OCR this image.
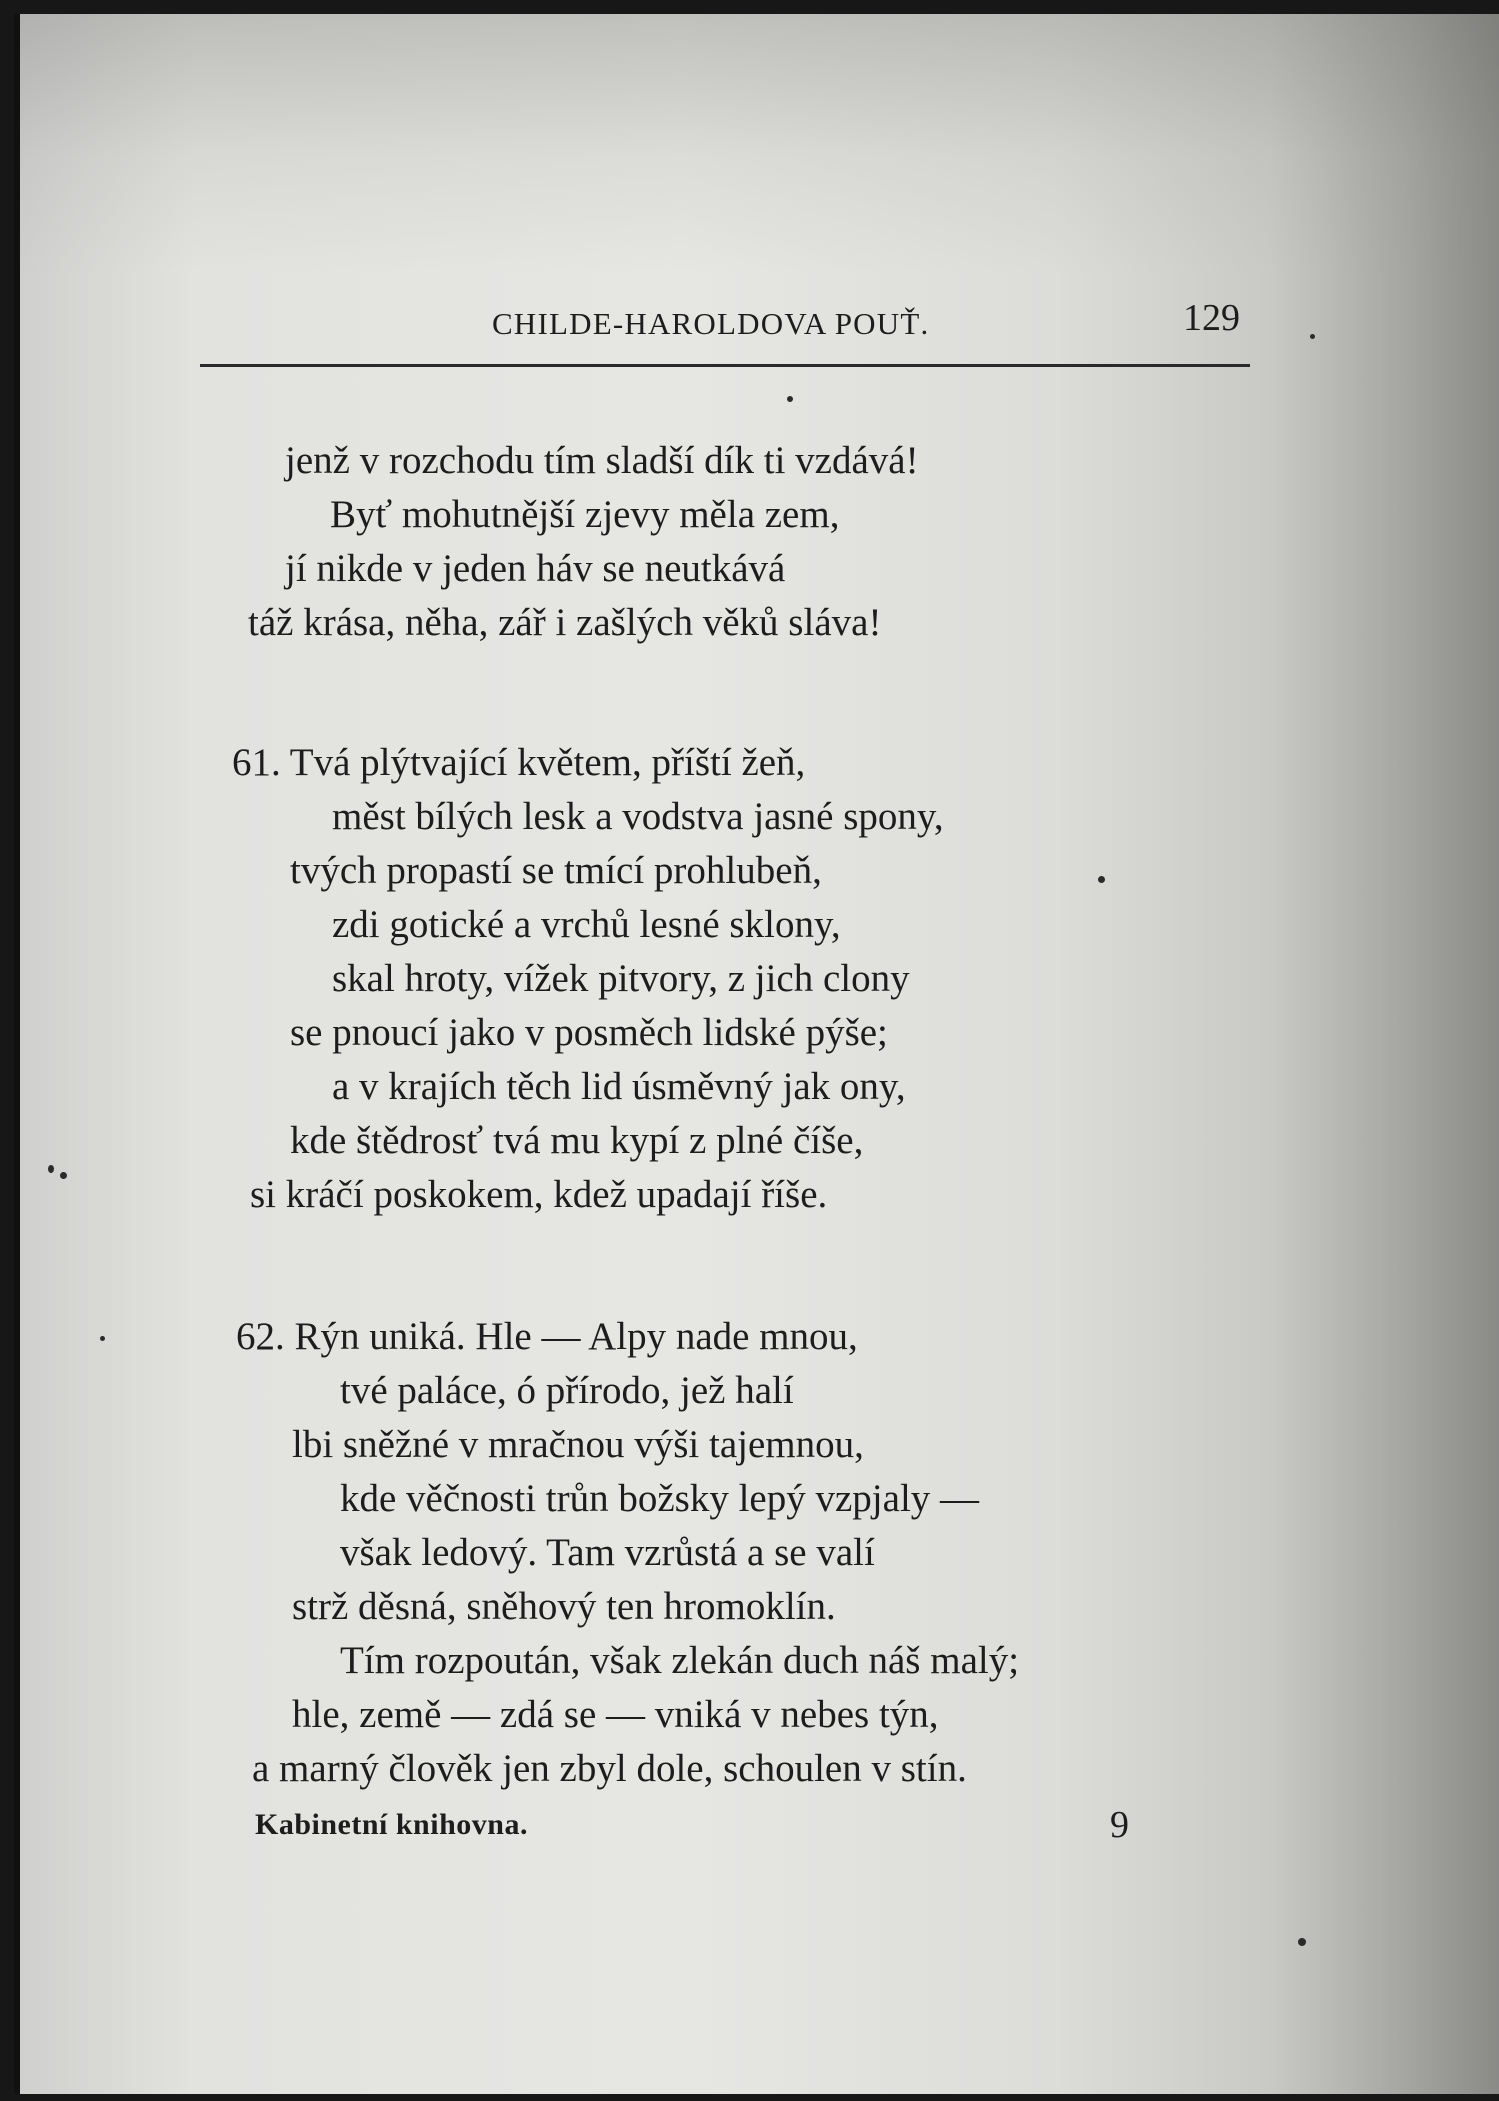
CHILDE-HAROLDOVA POUŤ.	129
jenž v rozchodu tím sladší dík ti vzdává!
Byť mohutnější zjevy měla zem,
jí nikde v jeden háv se neutkává
táž krása, něha, zář i zašlých věků sláva!
61. Tvá plýtvající květem, příští žeň,
měst bílých lesk a vodstva jasné spony,
tvých propastí se tmící prohlubeň,
zdi gotické a vrchů lesné sklony,
skal hroty, vížek pitvory, z jich clony
se pnoucí jako v posměch lidské pýše;
a v krajích těch lid úsměvný jak ony,
kde štědrosť tvá mu kypí z plné číše,
si kráčí poskokem, kdež upadají říše.
62. Rýn uniká. Hle — Alpy nade mnou,
tvé paláce, ó přírodo, jež halí
lbi sněžné v mračnou výši tajemnou,
kde věčnosti trůn božsky lepý vzpjaly —
však ledový. Tam vzrůstá a se valí
strž děsná, sněhový ten hromoklín.
Tím rozpoután, však zlekán duch náš malý;
hle, země — zdá se — vniká v nebes týn,
a marný člověk jen zbyl dole, schoulen v stín.
Kabinetní knihovna.	9
